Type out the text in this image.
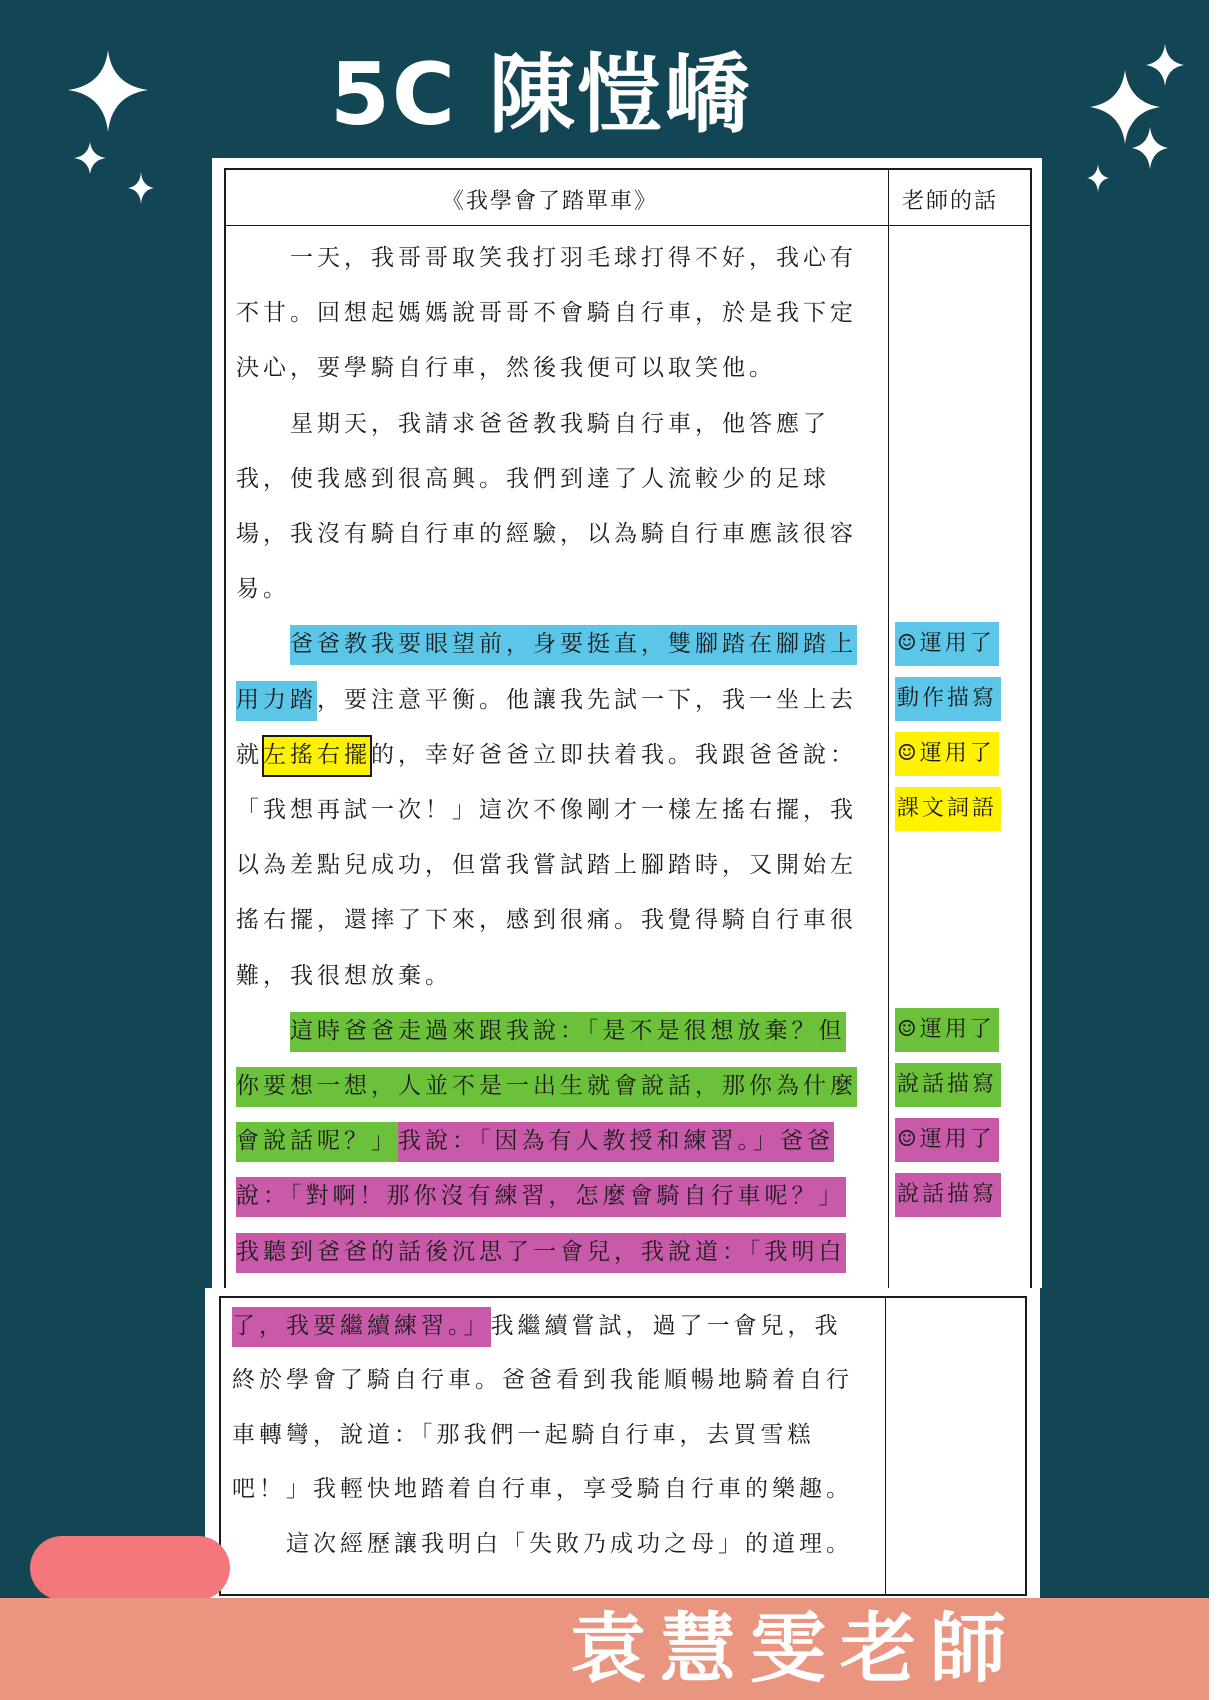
5C 陳愷嶠
《我學會了踏單車》	老師的話
　　一天，我哥哥取笑我打羽毛球打得不好，我心有
不甘。回想起媽媽說哥哥不會騎自行車，於是我下定
決心，要學騎自行車，然後我便可以取笑他。
　　星期天，我請求爸爸教我騎自行車，他答應了
我，使我感到很高興。我們到達了人流較少的足球
場，我沒有騎自行車的經驗，以為騎自行車應該很容
易。
　　爸爸教我要眼望前，身要挺直，雙腳踏在腳踏上
用力踏，要注意平衡。他讓我先試一下，我一坐上去
就左搖右擺的，幸好爸爸立即扶着我。我跟爸爸說：
「我想再試一次！」這次不像剛才一樣左搖右擺，我
以為差點兒成功，但當我嘗試踏上腳踏時，又開始左
搖右擺，還摔了下來，感到很痛。我覺得騎自行車很
難，我很想放棄。
　　這時爸爸走過來跟我說：「是不是很想放棄？但
你要想一想，人並不是一出生就會說話，那你為什麼
會說話呢？」我說：「因為有人教授和練習。」爸爸
說：「對啊！那你沒有練習，怎麼會騎自行車呢？」
我聽到爸爸的話後沉思了一會兒，我說道：「我明白
☺運用了
動作描寫
☺運用了
課文詞語
☺運用了
說話描寫
☺運用了
說話描寫
了，我要繼續練習。」我繼續嘗試，過了一會兒，我
終於學會了騎自行車。爸爸看到我能順暢地騎着自行
車轉彎，說道：「那我們一起騎自行車，去買雪糕
吧！」我輕快地踏着自行車，享受騎自行車的樂趣。
　　這次經歷讓我明白「失敗乃成功之母」的道理。
袁慧雯老師
